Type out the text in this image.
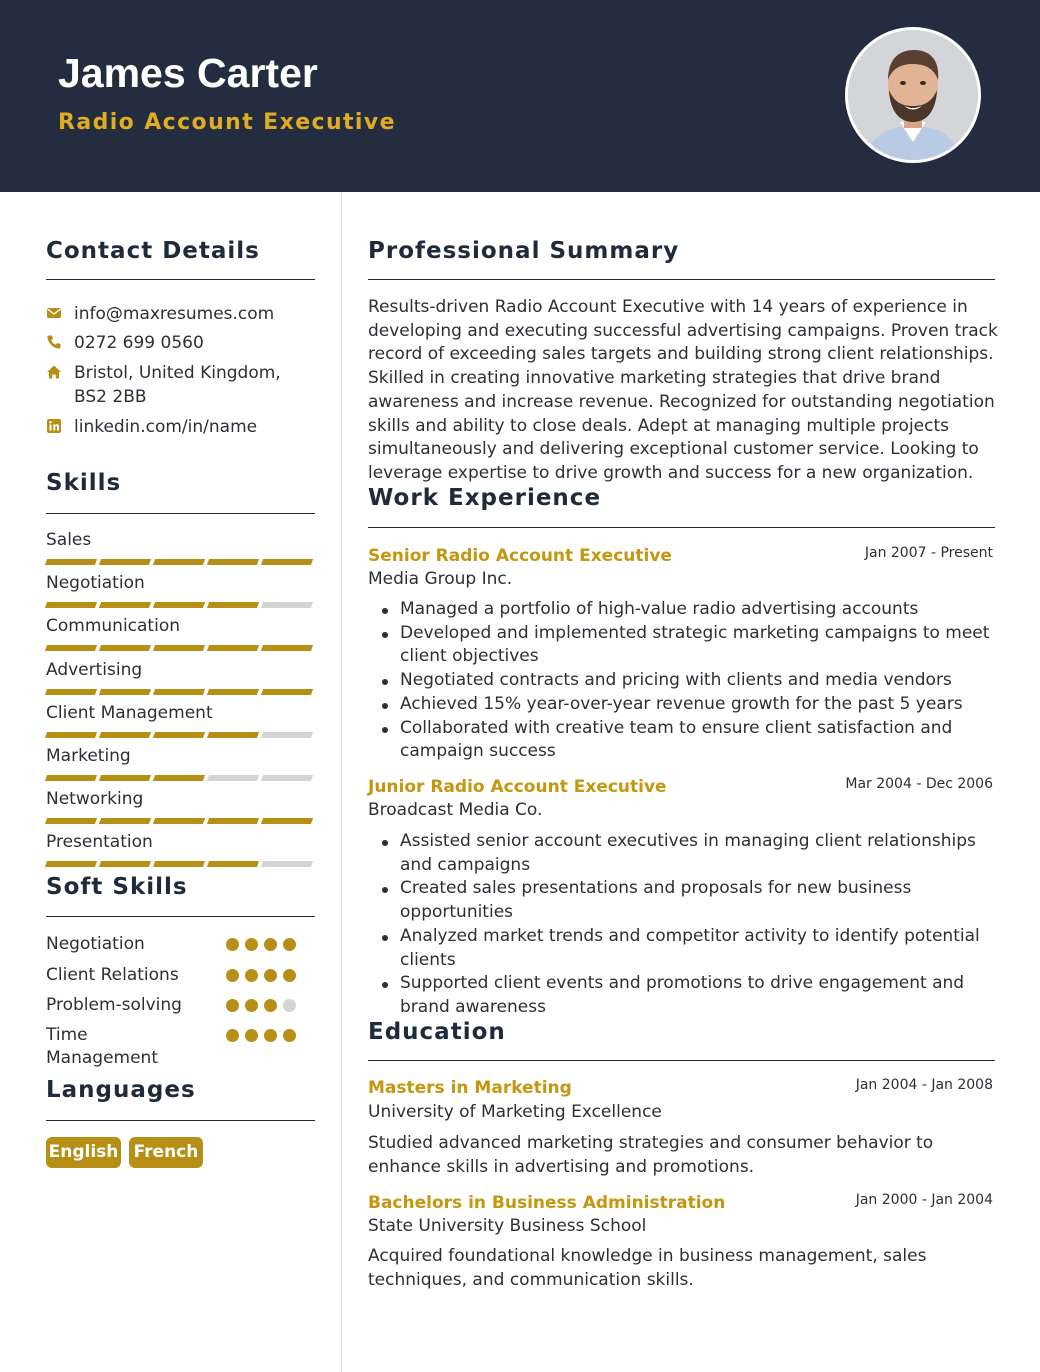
James Carter
Radio Account Executive
Contact Details
info@maxresumes.com
0272 699 0560
Bristol, United Kingdom, BS2 2BB
linkedin.com/in/name
Skills
Sales
Negotiation
Communication
Advertising
Client Management
Marketing
Networking
Presentation
Soft Skills
Negotiation
Client Relations
Problem-solving
Time Management
Languages
English French
Professional Summary
Results-driven Radio Account Executive with 14 years of experience in developing and executing successful advertising campaigns. Proven track record of exceeding sales targets and building strong client relationships. Skilled in creating innovative marketing strategies that drive brand awareness and increase revenue. Recognized for outstanding negotiation skills and ability to close deals. Adept at managing multiple projects simultaneously and delivering exceptional customer service. Looking to leverage expertise to drive growth and success for a new organization.
Work Experience
Senior Radio Account Executive	Jan 2007 - Present
Media Group Inc.
Managed a portfolio of high-value radio advertising accounts
Developed and implemented strategic marketing campaigns to meet client objectives
Negotiated contracts and pricing with clients and media vendors
Achieved 15% year-over-year revenue growth for the past 5 years
Collaborated with creative team to ensure client satisfaction and campaign success
Junior Radio Account Executive	Mar 2004 - Dec 2006
Broadcast Media Co.
Assisted senior account executives in managing client relationships and campaigns
Created sales presentations and proposals for new business opportunities
Analyzed market trends and competitor activity to identify potential clients
Supported client events and promotions to drive engagement and brand awareness
Education
Masters in Marketing	Jan 2004 - Jan 2008
University of Marketing Excellence
Studied advanced marketing strategies and consumer behavior to enhance skills in advertising and promotions.
Bachelors in Business Administration	Jan 2000 - Jan 2004
State University Business School
Acquired foundational knowledge in business management, sales techniques, and communication skills.
